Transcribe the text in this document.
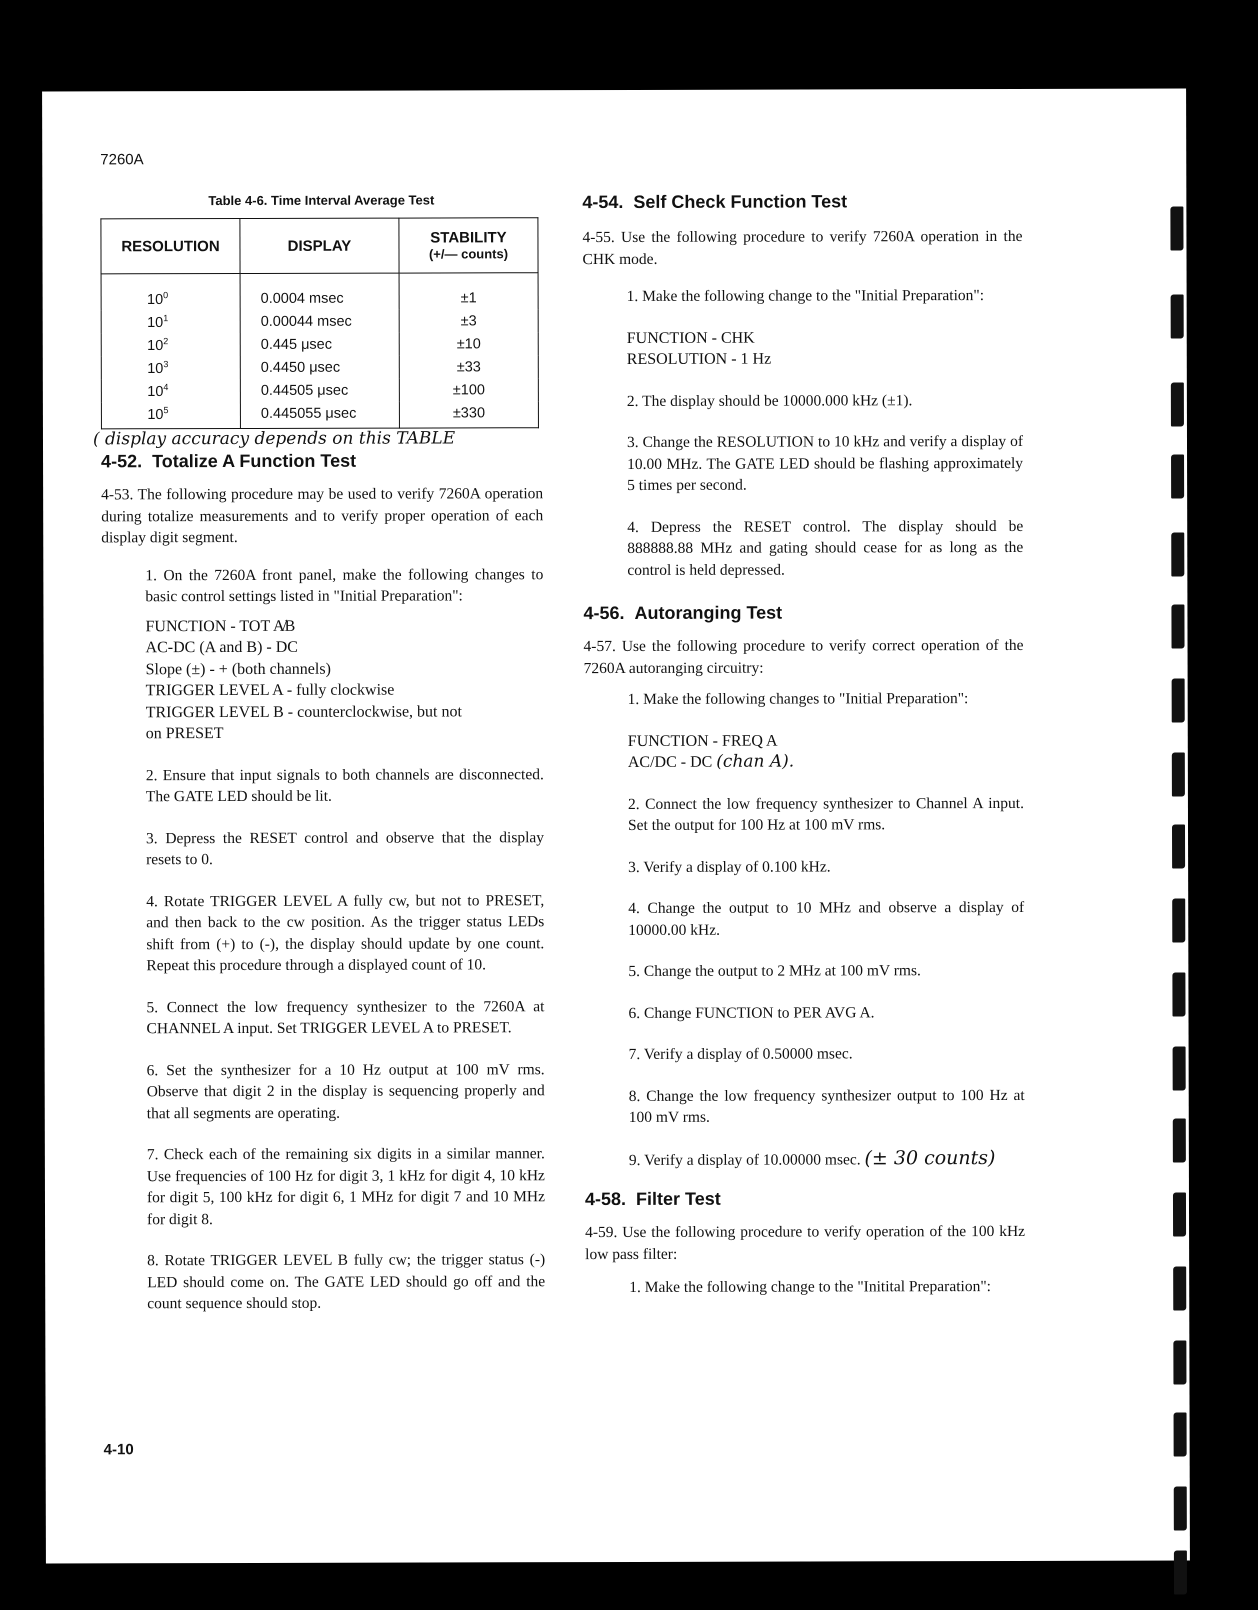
7260A
Table 4-6. Time Interval Average Test
RESOLUTION	DISPLAY	STABILITY
(+/— counts)

$10^0$	0.0004 msec	±1
$10^1$	0.00044 msec	±3
$10^2$	0.445 μsec	±10
$10^3$	0.4450 μsec	±33
$10^4$	0.44505 μsec	±100
$10^5$	0.445055 μsec	±330
( display accuracy depends on this TABLE
4-52. Totalize A Function Test

4-53. The following procedure may be used to verify 7260A operation during totalize measurements and to verify proper operation of each display digit segment.

1. On the 7260A front panel, make the following changes to basic control settings listed in "Initial Preparation":

FUNCTION - TOT A̸B
AC-DC (A and B) - DC
Slope (±) - + (both channels)
TRIGGER LEVEL A - fully clockwise
TRIGGER LEVEL B - counterclockwise, but not
on PRESET

2. Ensure that input signals to both channels are disconnected. The GATE LED should be lit.

3. Depress the RESET control and observe that the display resets to 0.

4. Rotate TRIGGER LEVEL A fully cw, but not to PRESET, and then back to the cw position. As the trigger status LEDs shift from (+) to (-), the display should update by one count. Repeat this procedure through a displayed count of 10.

5. Connect the low frequency synthesizer to the 7260A at CHANNEL A input. Set TRIGGER LEVEL A to PRESET.

6. Set the synthesizer for a 10 Hz output at 100 mV rms. Observe that digit 2 in the display is sequencing properly and that all segments are operating.

7. Check each of the remaining six digits in a similar manner. Use frequencies of 100 Hz for digit 3, 1 kHz for digit 4, 10 kHz for digit 5, 100 kHz for digit 6, 1 MHz for digit 7 and 10 MHz for digit 8.

8. Rotate TRIGGER LEVEL B fully cw; the trigger status (-) LED should come on. The GATE LED should go off and the count sequence should stop.

4-54. Self Check Function Test

4-55. Use the following procedure to verify 7260A operation in the CHK mode.

1. Make the following change to the "Initial Preparation":

FUNCTION - CHK
RESOLUTION - 1 Hz

2. The display should be 10000.000 kHz (±1).

3. Change the RESOLUTION to 10 kHz and verify a display of 10.00 MHz. The GATE LED should be flashing approximately 5 times per second.

4. Depress the RESET control. The display should be 888888.88 MHz and gating should cease for as long as the control is held depressed.

4-56. Autoranging Test

4-57. Use the following procedure to verify correct operation of the 7260A autoranging circuitry:

1. Make the following changes to "Initial Preparation":

FUNCTION - FREQ A
AC/DC - DC (chan A).

2. Connect the low frequency synthesizer to Channel A input. Set the output for 100 Hz at 100 mV rms.

3. Verify a display of 0.100 kHz.

4. Change the output to 10 MHz and observe a display of 10000.00 kHz.

5. Change the output to 2 MHz at 100 mV rms.

6. Change FUNCTION to PER AVG A.

7. Verify a display of 0.50000 msec.

8. Change the low frequency synthesizer output to 100 Hz at 100 mV rms.

9. Verify a display of 10.00000 msec. (± 30 counts)

4-58. Filter Test

4-59. Use the following procedure to verify operation of the 100 kHz low pass filter:

1. Make the following change to the "Initital Preparation":

4-10
